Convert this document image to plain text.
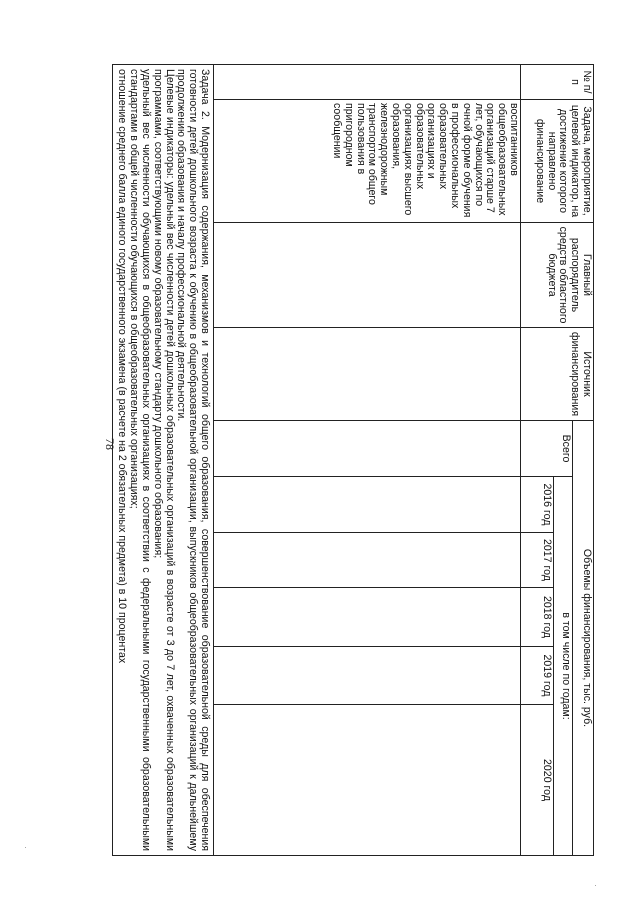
78
·
·
№ п/п	Задача, мероприятие, целевой индикатор, на достижение которого направлено финансирование	Главный распорядитель средств областного бюджета	Источник финансирования	Объемы финансирования, тыс. руб.					
				Всего	в том числе по годам:				
					2016 год	2017 год	2018 год	2019 год	2020 год
	воспитанников общеобразовательных организаций старше 7 лет, обучающихся по очной форме обучения в профессиональных образовательных организациях и образовательных организациях высшего образования, железнодорожным транспортом общего пользования в пригородном сообщении								

Задача 2. Модернизация содержания, механизмов и технологий общего образования, совершенствование образовательной среды для обеспечения готовности детей дошкольного возраста к обучению в общеобразовательной организации, выпускников общеобразовательных организаций к дальнейшему продолжению образования и началу профессиональной деятельности.

Целевые индикаторы: удельный вес численности детей дошкольных образовательных организаций в возрасте от 3 до 7 лет, охваченных образовательными программами, соответствующими новому образовательному стандарту дошкольного образования;

удельный вес численности обучающихся в общеобразовательных организациях в соответствии с федеральными государственными образовательными стандартами в общей численности обучающихся в общеобразовательных организациях;

отношение среднего балла единого государственного экзамена (в расчете на 2 обязательных предмета) в 10 процентах									
